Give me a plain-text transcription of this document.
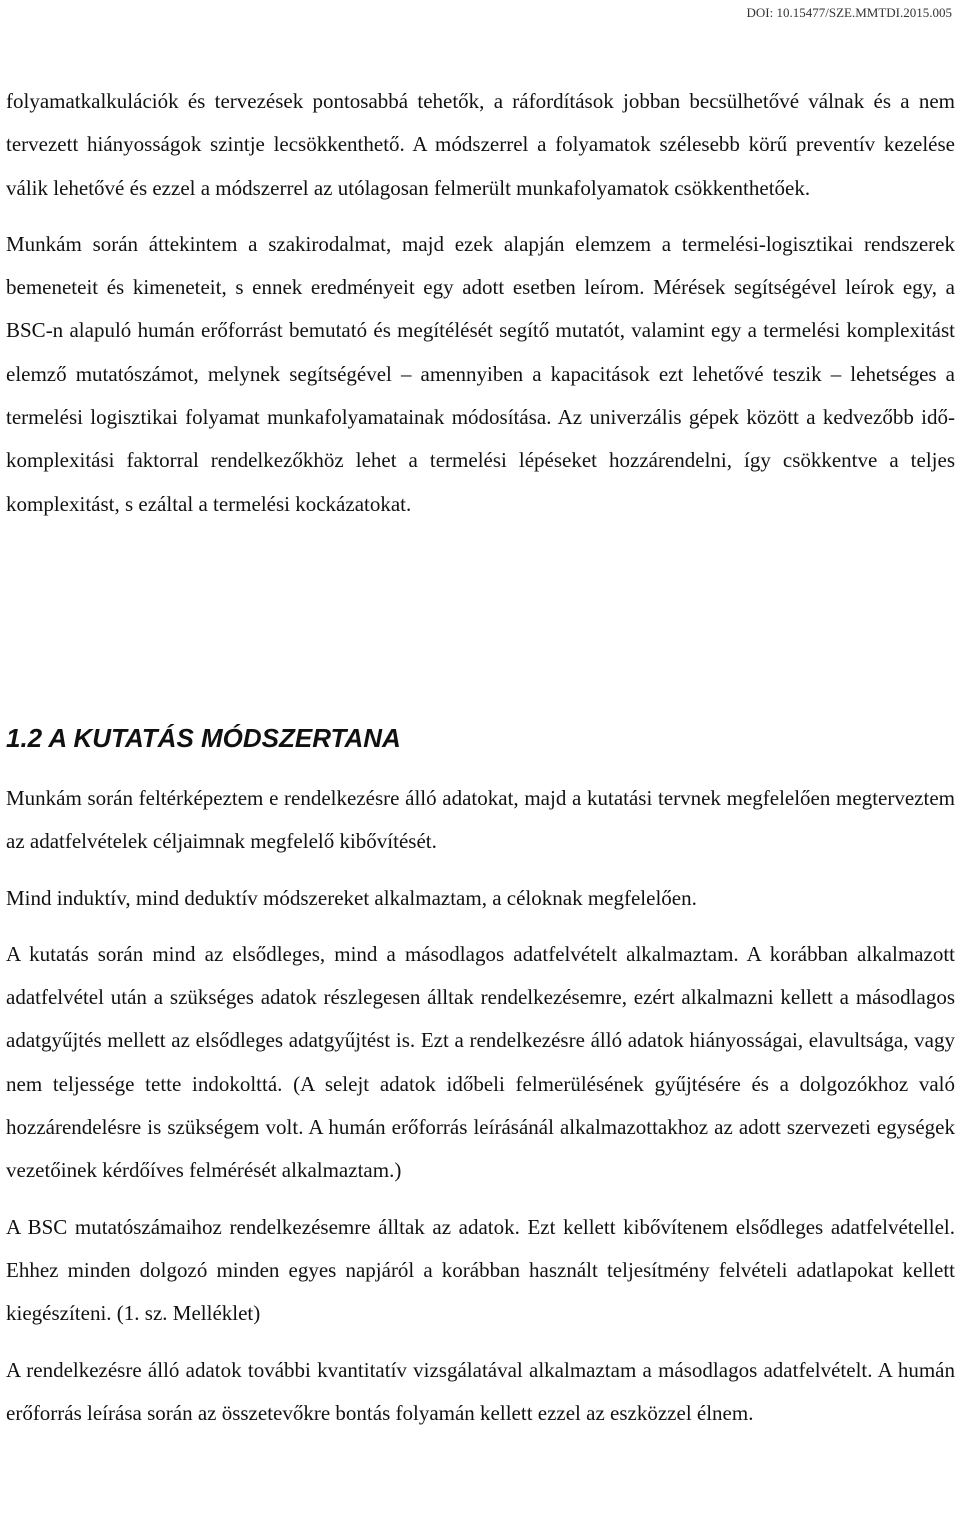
DOI: 10.15477/SZE.MMTDI.2015.005

folyamatkalkulációk és tervezések pontosabbá tehetők, a ráfordítások jobban becsülhetővé válnak és a nem tervezett hiányosságok szintje lecsökkenthető. A módszerrel a folyamatok szélesebb körű preventív kezelése válik lehetővé és ezzel a módszerrel az utólagosan felmerült munkafolyamatok csökkenthetőek.

Munkám során áttekintem a szakirodalmat, majd ezek alapján elemzem a termelési-logisztikai rendszerek bemeneteit és kimeneteit, s ennek eredményeit egy adott esetben leírom. Mérések segítségével leírok egy, a BSC-n alapuló humán erőforrást bemutató és megítélését segítő mutatót, valamint egy a termelési komplexitást elemző mutatószámot, melynek segítségével – amennyiben a kapacitások ezt lehetővé teszik – lehetséges a termelési logisztikai folyamat munkafolyamatainak módosítása. Az univerzális gépek között a kedvezőbb idő-komplexitási faktorral rendelkezőkhöz lehet a termelési lépéseket hozzárendelni, így csökkentve a teljes komplexitást, s ezáltal a termelési kockázatokat.

1.2 A KUTATÁS MÓDSZERTANA

Munkám során feltérképeztem e rendelkezésre álló adatokat, majd a kutatási tervnek megfelelően megterveztem az adatfelvételek céljaimnak megfelelő kibővítését.

Mind induktív, mind deduktív módszereket alkalmaztam, a céloknak megfelelően.

A kutatás során mind az elsődleges, mind a másodlagos adatfelvételt alkalmaztam. A korábban alkalmazott adatfelvétel után a szükséges adatok részlegesen álltak rendelkezésemre, ezért alkalmazni kellett a másodlagos adatgyűjtés mellett az elsődleges adatgyűjtést is. Ezt a rendelkezésre álló adatok hiányosságai, elavultsága, vagy nem teljessége tette indokolttá. (A selejt adatok időbeli felmerülésének gyűjtésére és a dolgozókhoz való hozzárendelésre is szükségem volt. A humán erőforrás leírásánál alkalmazottakhoz az adott szervezeti egységek vezetőinek kérdőíves felmérését alkalmaztam.)

A BSC mutatószámaihoz rendelkezésemre álltak az adatok. Ezt kellett kibővítenem elsődleges adatfelvétellel. Ehhez minden dolgozó minden egyes napjáról a korábban használt teljesítmény felvételi adatlapokat kellett kiegészíteni. (1. sz. Melléklet)

A rendelkezésre álló adatok további kvantitatív vizsgálatával alkalmaztam a másodlagos adatfelvételt. A humán erőforrás leírása során az összetevőkre bontás folyamán kellett ezzel az eszközzel élnem.
